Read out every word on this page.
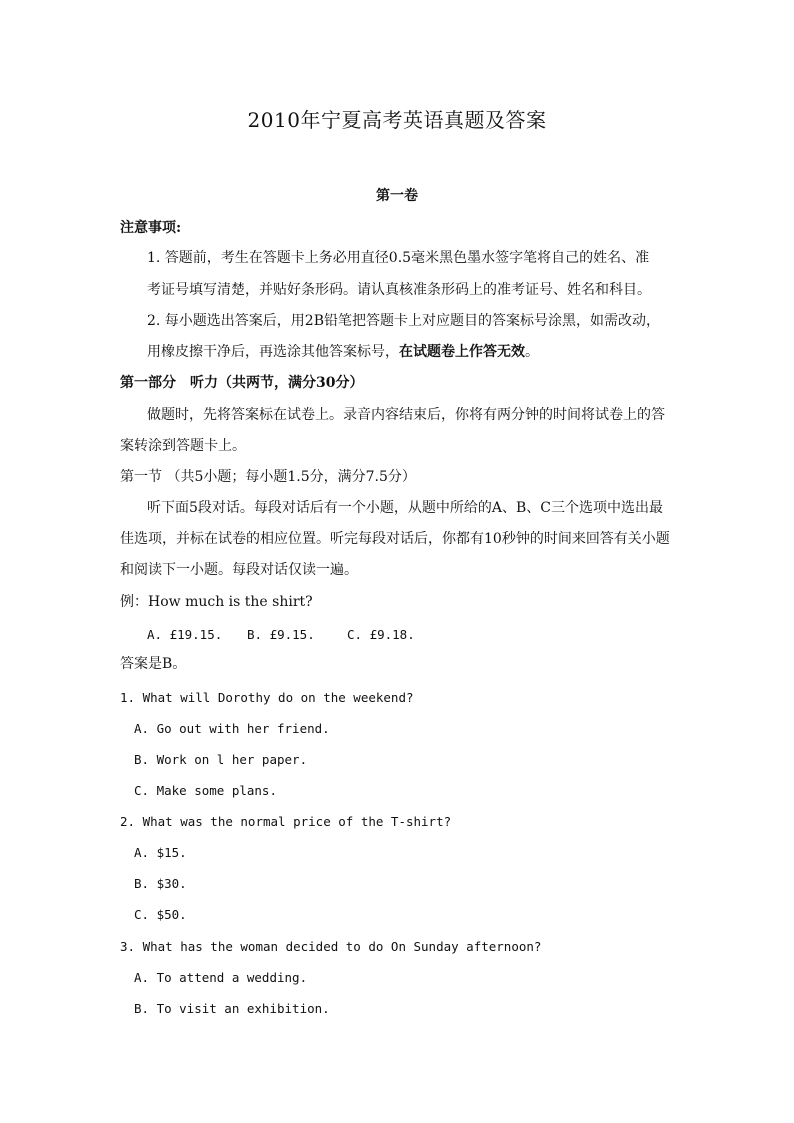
2010年宁夏高考英语真题及答案
第一卷
注意事项:
1. 答题前，考生在答题卡上务必用直径0.5毫米黑色墨水签字笔将自己的姓名、准
考证号填写清楚，并贴好条形码。请认真核准条形码上的准考证号、姓名和科目。
2. 每小题选出答案后，用2B铅笔把答题卡上对应题目的答案标号涂黑，如需改动，
用橡皮擦干净后，再选涂其他答案标号，在试题卷上作答无效。
第一部分　听力（共两节，满分30分）
做题时，先将答案标在试卷上。录音内容结束后，你将有两分钟的时间将试卷上的答
案转涂到答题卡上。
第一节 （共5小题；每小题1.5分，满分7.5分）
听下面5段对话。每段对话后有一个小题，从题中所给的A、B、C三个选项中选出最
佳选项，并标在试卷的相应位置。听完每段对话后，你都有10秒钟的时间来回答有关小题
和阅读下一小题。每段对话仅读一遍。
例：How much is the shirt?
A. £19.15. B. £9.15.	C. £9.18.
答案是B。
1. What will Dorothy do on the weekend?
A. Go out with her friend.
B. Work on l her paper.
C. Make some plans.
2. What was the normal price of the T-shirt?
A. $15.
B. $30.
C. $50.
3. What has the woman decided to do On Sunday afternoon?
A. To attend a wedding.
B. To visit an exhibition.
